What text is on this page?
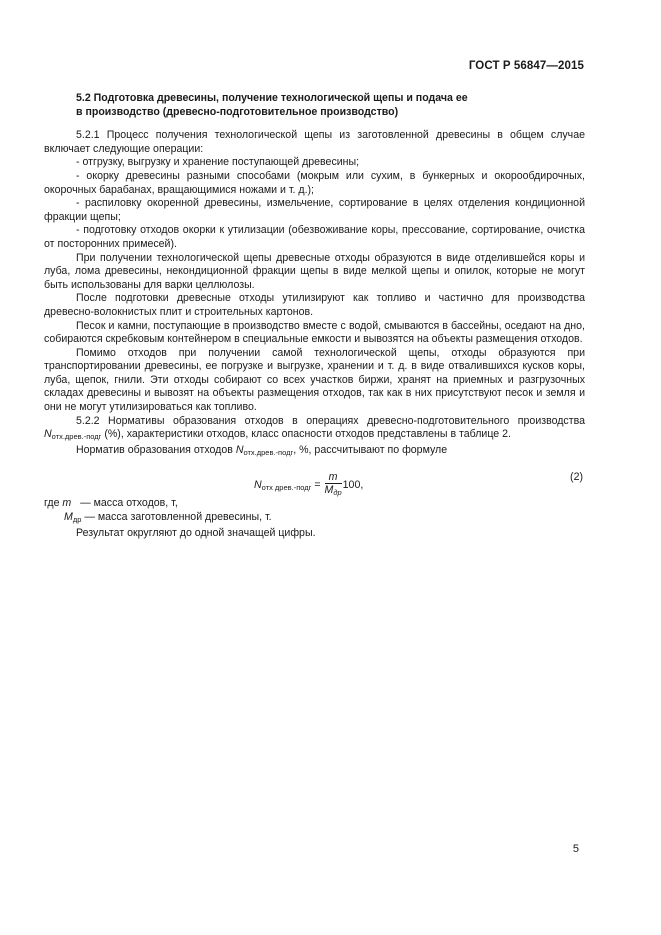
ГОСТ Р 56847—2015

5.2 Подготовка древесины, получение технологической щепы и подача ее

в производство (древесно-подготовительное производство)

5.2.1 Процесс получения технологической щепы из заготовленной древесины в общем случае включает следующие операции:

- отгрузку, выгрузку и хранение поступающей древесины;

- окорку древесины разными способами (мокрым или сухим, в бункерных и окорообдирочных, окорочных барабанах, вращающимися ножами и т. д.);

- распиловку окоренной древесины, измельчение, сортирование в целях отделения кондиционной фракции щепы;

- подготовку отходов окорки к утилизации (обезвоживание коры, прессование, сортирование, очистка от посторонних примесей).

При получении технологической щепы древесные отходы образуются в виде отделившейся коры и луба, лома древесины, некондиционной фракции щепы в виде мелкой щепы и опилок, которые не могут быть использованы для варки целлюлозы.

После подготовки древесные отходы утилизируют как топливо и частично для производства древесно-волокнистых плит и строительных картонов.

Песок и камни, поступающие в производство вместе с водой, смываются в бассейны, оседают на дно, собираются скребковым контейнером в специальные емкости и вывозятся на объекты размещения отходов.

Помимо отходов при получении самой технологической щепы, отходы образуются при транспортировании древесины, ее погрузке и выгрузке, хранении и т. д. в виде отвалившихся кусков коры, луба, щепок, гнили. Эти отходы собирают со всех участков биржи, хранят на приемных и разгрузочных складах древесины и вывозят на объекты размещения отходов, так как в них присутствуют песок и земля и они не могут утилизироваться как топливо.

5.2.2 Нормативы образования отходов в операциях древесно-подготовительного производства $N_{отх.древ.-подг}$ (%), характеристики отходов, класс опасности отходов представлены в таблице 2.

Норматив образования отходов $N_{отх.древ.-подг}$, %, рассчитывают по формуле

$N_{отх древ.-подг} = \frac{m}{M_{др}} 100$,
(2)

где m — масса отходов, т,

$M_{др}$ — масса заготовленной древесины, т.

Результат округляют до одной значащей цифры.

5
